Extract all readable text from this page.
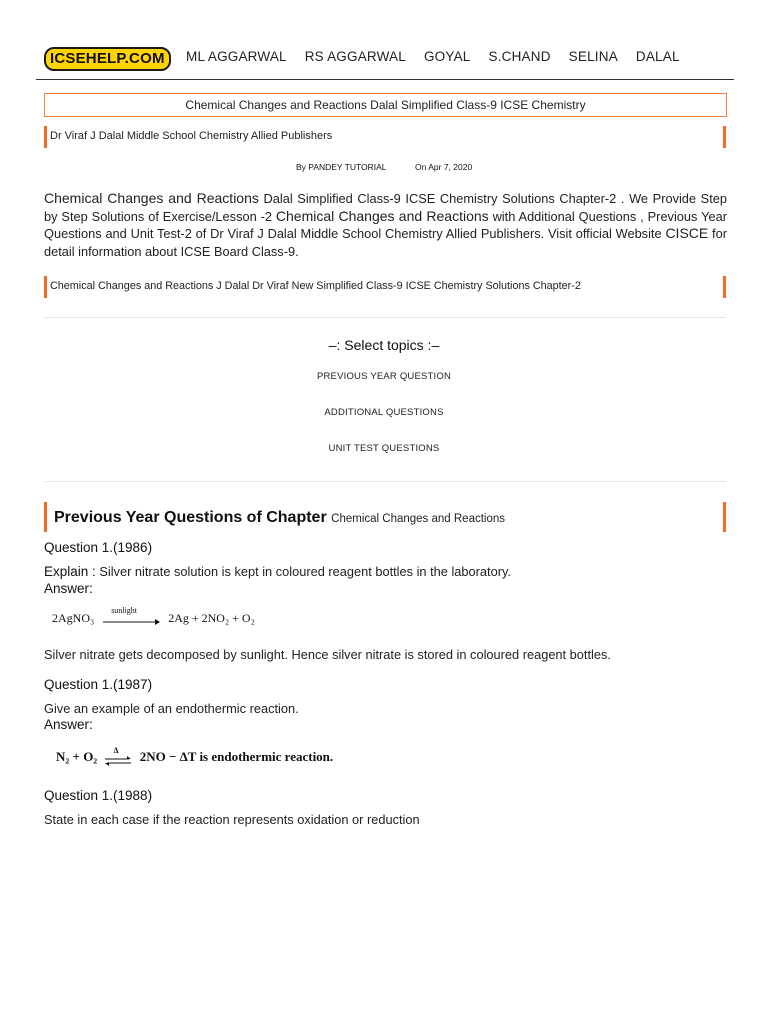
ICSEHELP.COM	ML AGGARWAL RS AGGARWAL GOYAL S.CHAND SELINA DALAL
Chemical Changes and Reactions Dalal Simplified Class-9 ICSE Chemistry
Dr Viraf J Dalal Middle School Chemistry Allied Publishers
By PANDEY TUTORIAL	On Apr 7, 2020
Chemical Changes and Reactions Dalal Simplified Class-9 ICSE Chemistry Solutions Chapter-2 . We Provide Step by Step Solutions of Exercise/Lesson -2 Chemical Changes and Reactions with Additional Questions , Previous Year Questions and Unit Test-2 of Dr Viraf J Dalal Middle School Chemistry Allied Publishers. Visit official Website CISCE for detail information about ICSE Board Class-9.
Chemical Changes and Reactions J Dalal Dr Viraf New Simplified Class-9 ICSE Chemistry Solutions Chapter-2
–: Select topics :–
PREVIOUS YEAR QUESTION
ADDITIONAL QUESTIONS
UNIT TEST QUESTIONS
Previous Year Questions of Chapter Chemical Changes and Reactions
Question 1.(1986)
Explain : Silver nitrate solution is kept in coloured reagent bottles in the laboratory.
Answer:
2AgNO₃
sunlight
2Ag + 2NO₂ + O₂
Silver nitrate gets decomposed by sunlight. Hence silver nitrate is stored in coloured reagent bottles.
Question 1.(1987)
Give an example of an endothermic reaction.
Answer:
N₂ + O₂ Δ 2NO − ΔT is endothermic reaction.
Question 1.(1988)
State in each case if the reaction represents oxidation or reduction
